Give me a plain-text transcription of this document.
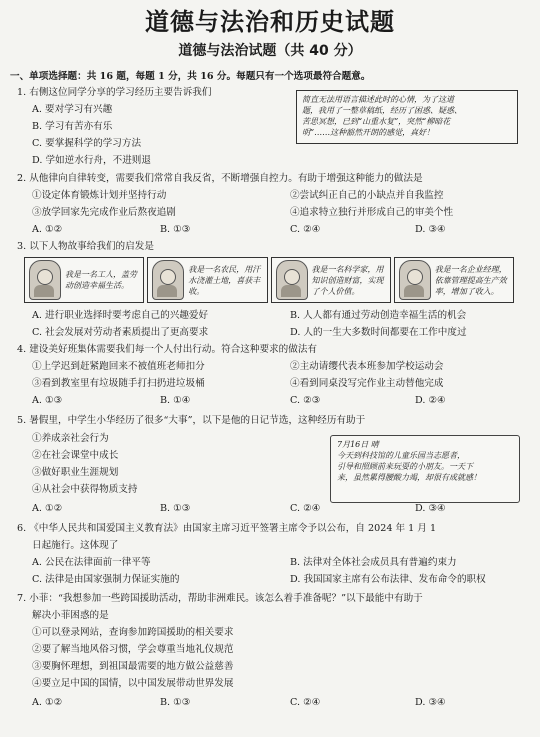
道德与法治和历史试题
道德与法治试题（共 40 分）
一、单项选择题：共 16 题，每题 1 分，共 16 分。每题只有一个选项最符合题意。
1. 右侧这位同学分享的学习经历主要告诉我们
A. 要对学习有兴趣
B. 学习有苦亦有乐
C. 要掌握科学的学习方法
D. 学如逆水行舟，不进则退
简直无法用语言描述此时的心情，为了这道
题，我用了一整草稿纸，经历了困惑、疑惑、
苦思冥想，已到“山重水复”，突然“柳暗花
明”……这种豁然开朗的感觉，真好！
2. 从他律向自律转变，需要我们常常自我反省，不断增强自控力。有助于增强这种能力的做法是
①设定体育锻炼计划并坚持行动	②尝试纠正自己的小缺点并自我监控
③放学回家先完成作业后熬夜追剧	④追求特立独行并形成自己的审美个性
A. ①②	B. ①③	C. ②④	D. ③④
3. 以下人物故事给我们的启发是
我是一名工人，盖劳动创造幸福生活。
我是一名农民，用汗水浇灌土地，喜获丰收。
我是一名科学家，用知识创造财富，实现了个人价值。
我是一名企业经理，依靠管理提高生产效率，增加了收入。
A. 进行职业选择时要考虑自己的兴趣爱好	B. 人人都有通过劳动创造幸福生活的机会
C. 社会发展对劳动者素质提出了更高要求	D. 人的一生大多数时间都要在工作中度过
4. 建设美好班集体需要我们每一个人付出行动。符合这种要求的做法有
①上学迟到赶紧跑回来不被值班老师扣分	②主动请缨代表本班参加学校运动会
③看到教室里有垃圾随手打扫扔进垃圾桶	④看到同桌没写完作业主动替他完成
A. ①③	B. ①④	C. ②③	D. ②④
5. 暑假里，中学生小华经历了很多“大事”，以下是他的日记节选，这种经历有助于
①养成亲社会行为
②在社会课堂中成长
③做好职业生涯规划
④从社会中获得物质支持
7月16日 晴
今天到科技馆的儿童乐园当志愿者，
引导和照顾前来玩耍的小朋友。一天下
来，虽然累得腰酸力竭，却很有成就感！
A. ①②	B. ①③	C. ②④	D. ③④
6. 《中华人民共和国爱国主义教育法》由国家主席习近平签署主席令予以公布，自 2024 年 1 月 1
日起施行。这体现了
A. 公民在法律面前一律平等	B. 法律对全体社会成员具有普遍约束力
C. 法律是由国家强制力保证实施的	D. 我国国家主席有公布法律、发布命令的职权
7. 小菲：“我想参加一些跨国援助活动，帮助非洲难民。该怎么着手准备呢？”以下最能中有助于
解决小菲困惑的是
①可以登录网站，查询参加跨国援助的相关要求
②要了解当地风俗习惯，学会尊重当地礼仪规范
③要胸怀理想，到祖国最需要的地方做公益慈善
④要立足中国的国情，以中国发展带动世界发展
A. ①②	B. ①③	C. ②④	D. ③④
